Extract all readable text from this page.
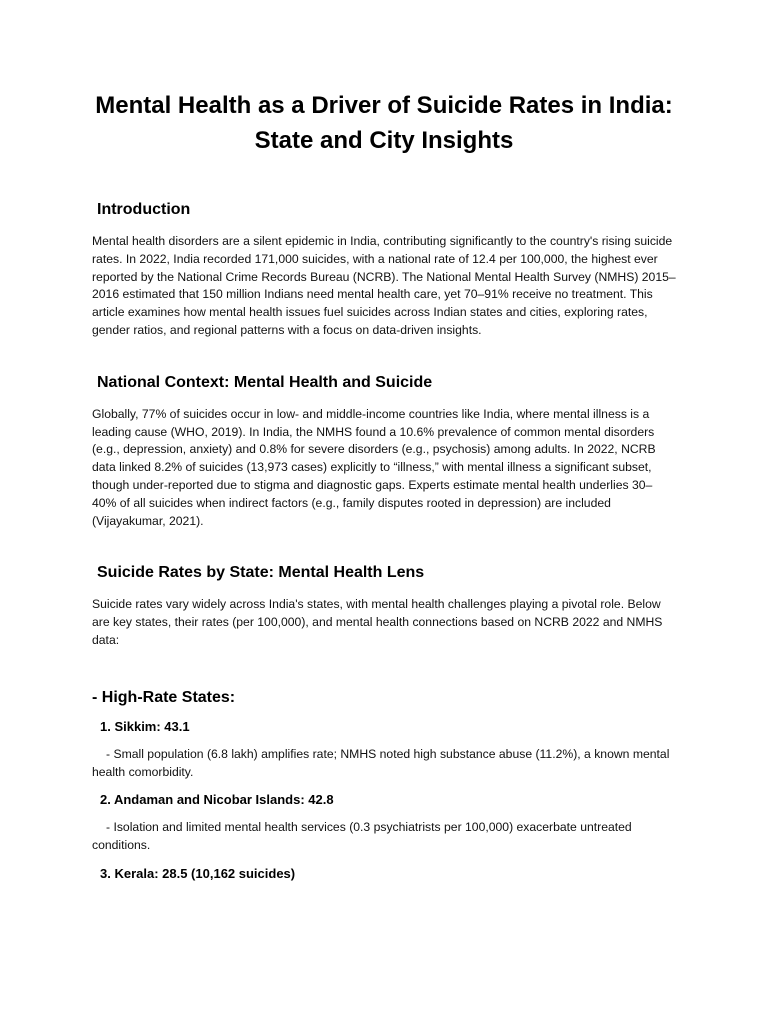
Mental Health as a Driver of Suicide Rates in India: State and City Insights
Introduction

Mental health disorders are a silent epidemic in India, contributing significantly to the country's rising suicide rates. In 2022, India recorded 171,000 suicides, with a national rate of 12.4 per 100,000, the highest ever reported by the National Crime Records Bureau (NCRB). The National Mental Health Survey (NMHS) 2015–2016 estimated that 150 million Indians need mental health care, yet 70–91% receive no treatment. This article examines how mental health issues fuel suicides across Indian states and cities, exploring rates, gender ratios, and regional patterns with a focus on data-driven insights.

National Context: Mental Health and Suicide

Globally, 77% of suicides occur in low- and middle-income countries like India, where mental illness is a leading cause (WHO, 2019). In India, the NMHS found a 10.6% prevalence of common mental disorders (e.g., depression, anxiety) and 0.8% for severe disorders (e.g., psychosis) among adults. In 2022, NCRB data linked 8.2% of suicides (13,973 cases) explicitly to “illness,” with mental illness a significant subset, though under-reported due to stigma and diagnostic gaps. Experts estimate mental health underlies 30–40% of all suicides when indirect factors (e.g., family disputes rooted in depression) are included (Vijayakumar, 2021).

Suicide Rates by State: Mental Health Lens

Suicide rates vary widely across India's states, with mental health challenges playing a pivotal role. Below are key states, their rates (per 100,000), and mental health connections based on NCRB 2022 and NMHS data:

- High-Rate States:
1. Sikkim: 43.1

- Small population (6.8 lakh) amplifies rate; NMHS noted high substance abuse (11.2%), a known mental health comorbidity.

2. Andaman and Nicobar Islands: 42.8

- Isolation and limited mental health services (0.3 psychiatrists per 100,000) exacerbate untreated conditions.

3. Kerala: 28.5 (10,162 suicides)
